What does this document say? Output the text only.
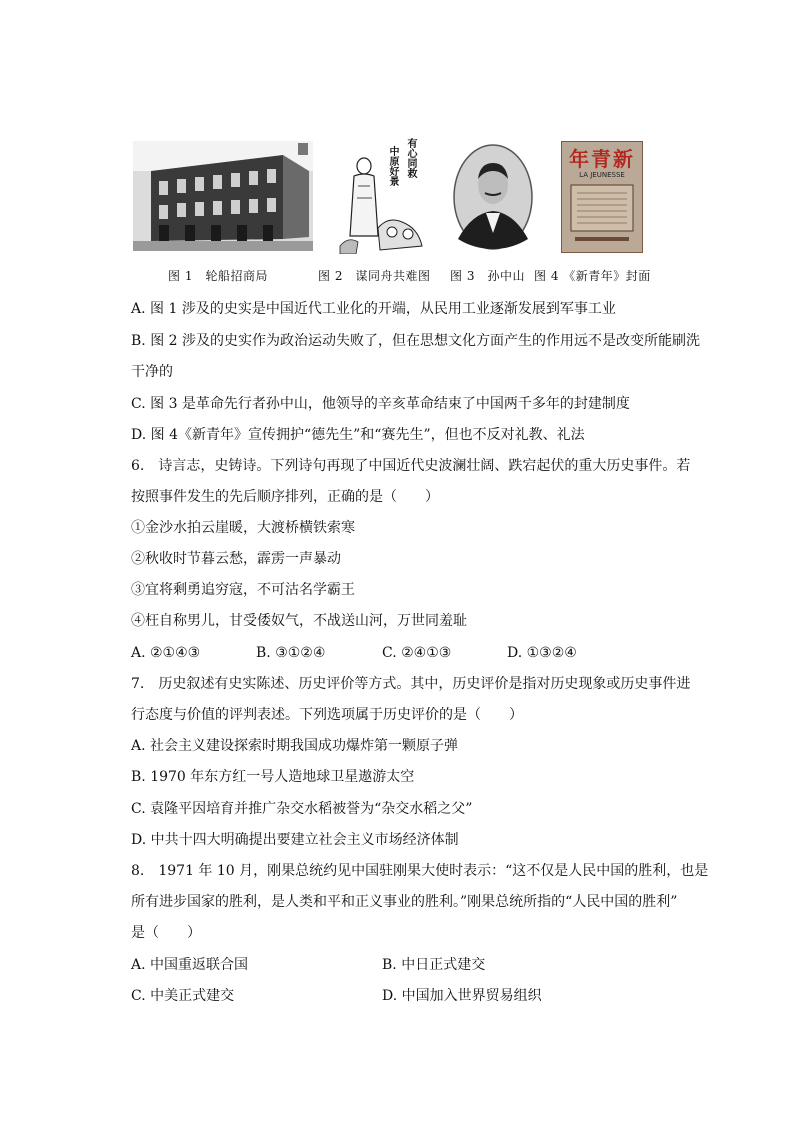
有心同救
中原好景	年青新
LA JEUNESSE
图 1　轮船招商局	图 2　谋同舟共难图 图 3　孙中山 图 4 《新青年》封面
A. 图 1 涉及的史实是中国近代工业化的开端，从民用工业逐渐发展到军事工业
B. 图 2 涉及的史实作为政治运动失败了，但在思想文化方面产生的作用远不是改变所能刷洗
干净的
C. 图 3 是革命先行者孙中山，他领导的辛亥革命结束了中国两千多年的封建制度
D. 图 4《新青年》宣传拥护“德先生”和“赛先生”，但也不反对礼教、礼法
6.　诗言志，史铸诗。下列诗句再现了中国近代史波澜壮阔、跌宕起伏的重大历史事件。若
按照事件发生的先后顺序排列，正确的是（　　）
①金沙水拍云崖暖，大渡桥横铁索寒
②秋收时节暮云愁，霹雳一声暴动
③宜将剩勇追穷寇，不可沽名学霸王
④枉自称男儿，甘受倭奴气，不战送山河，万世同羞耻
A. ②①④③	B. ③①②④	C. ②④①③	D. ①③②④
7.　历史叙述有史实陈述、历史评价等方式。其中，历史评价是指对历史现象或历史事件进
行态度与价值的评判表述。下列选项属于历史评价的是（　　）
A. 社会主义建设探索时期我国成功爆炸第一颗原子弹
B. 1970 年东方红一号人造地球卫星遨游太空
C. 袁隆平因培育并推广杂交水稻被誉为“杂交水稻之父”
D. 中共十四大明确提出要建立社会主义市场经济体制
8.　1971 年 10 月，刚果总统约见中国驻刚果大使时表示：“这不仅是人民中国的胜利，也是
所有进步国家的胜利，是人类和平和正义事业的胜利。”刚果总统所指的“人民中国的胜利”
是（　　）
A. 中国重返联合国	B. 中日正式建交
C. 中美正式建交	D. 中国加入世界贸易组织
